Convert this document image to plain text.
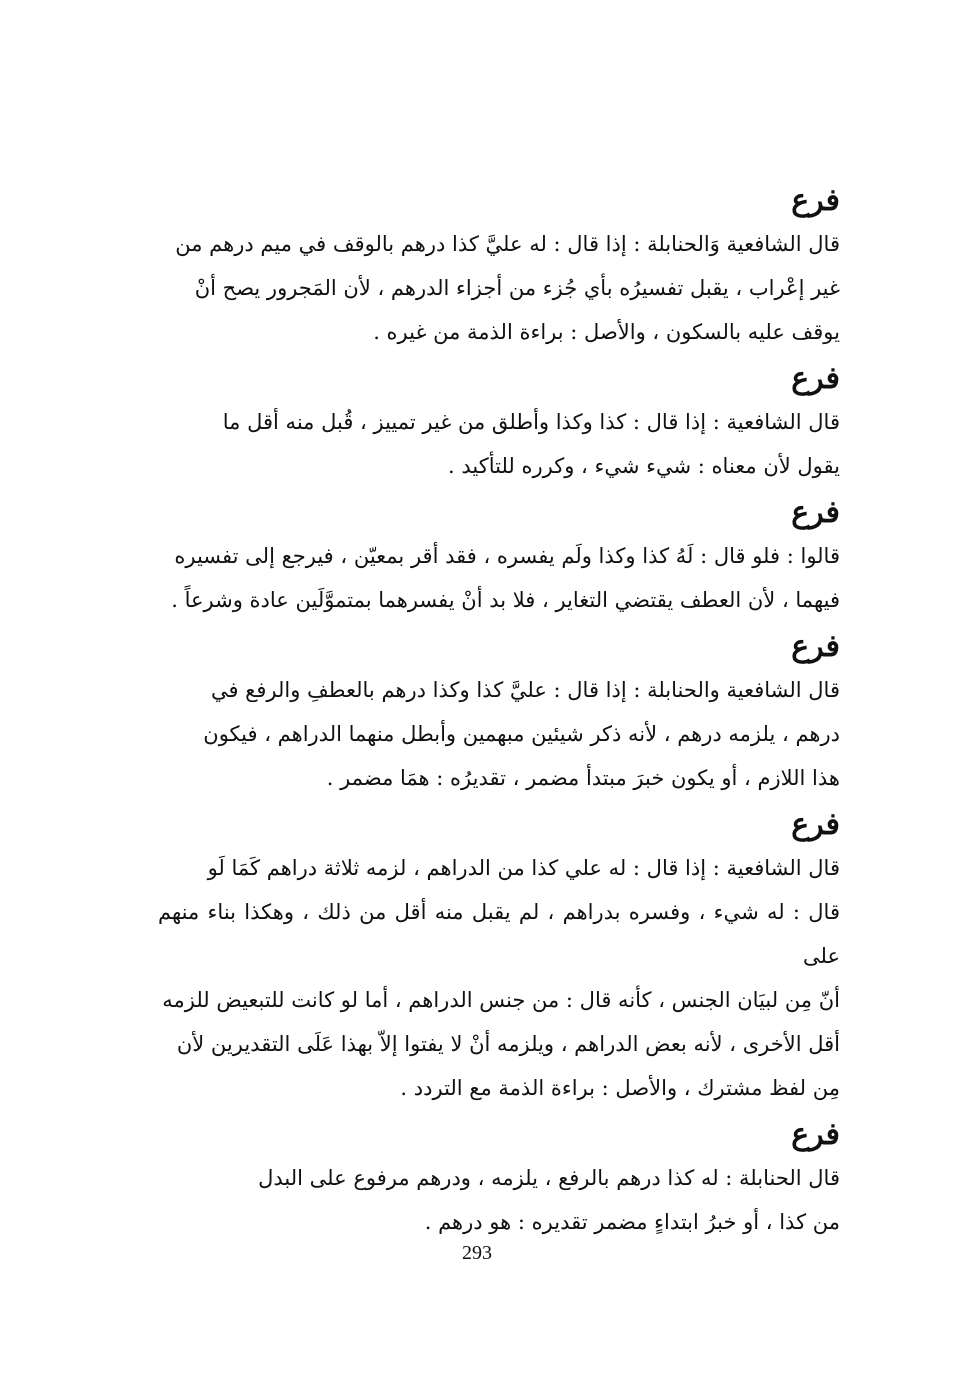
فرع
قال الشافعية وَالحنابلة : إذا قال : له عليَّ كذا درهم بالوقف في ميم درهم من
غير إعْراب ، يقبل تفسيرُه بأي جُزء من أجزاء الدرهم ، لأن المَجرور يصح أنْ
يوقف عليه بالسكون ، والأصل : براءة الذمة من غيره .
فرع
قال الشافعية : إذا قال : كذا وكذا وأطلق من غير تمييز ، قُبل منه أقل ما
يقول لأن معناه : شيء شيء ، وكرره للتأكيد .
فرع
قالوا : فلو قال : لَهُ كذا وكذا ولَم يفسره ، فقد أقر بمعيّن ، فيرجع إلى تفسيره
فيهما ، لأن العطف يقتضي التغاير ، فلا بد أنْ يفسرهما بمتموَّلَين عادة وشرعاً .
فرع
قال الشافعية والحنابلة : إذا قال : عليَّ كذا وكذا درهم بالعطفِ والرفع في
درهم ، يلزمه درهم ، لأنه ذكر شيئين مبهمين وأبطل منهما الدراهم ، فيكون
هذا اللازم ، أو يكون خبرَ مبتدأ مضمر ، تقديرُه : همَا مضمر .
فرع
قال الشافعية : إذا قال : له علي كذا من الدراهم ، لزمه ثلاثة دراهم كَمَا لَو
قال : له شيء ، وفسره بدراهم ، لم يقبل منه أقل من ذلك ، وهكذا بناء منهم على
أنّ مِن لبيَان الجنس ، كأنه قال : من جنس الدراهم ، أما لو كانت للتبعيض للزمه
أقل الأخرى ، لأنه بعض الدراهم ، ويلزمه أنْ لا يفتوا إلاّ بهذا عَلَى التقديرين لأن
مِن لفظ مشترك ، والأصل : براءة الذمة مع التردد .
فرع
قال الحنابلة : له كذا درهم بالرفع ، يلزمه ، ودرهم مرفوع على البدل
من كذا ، أو خبرُ ابتداءٍ مضمر تقديره : هو درهم .
293
